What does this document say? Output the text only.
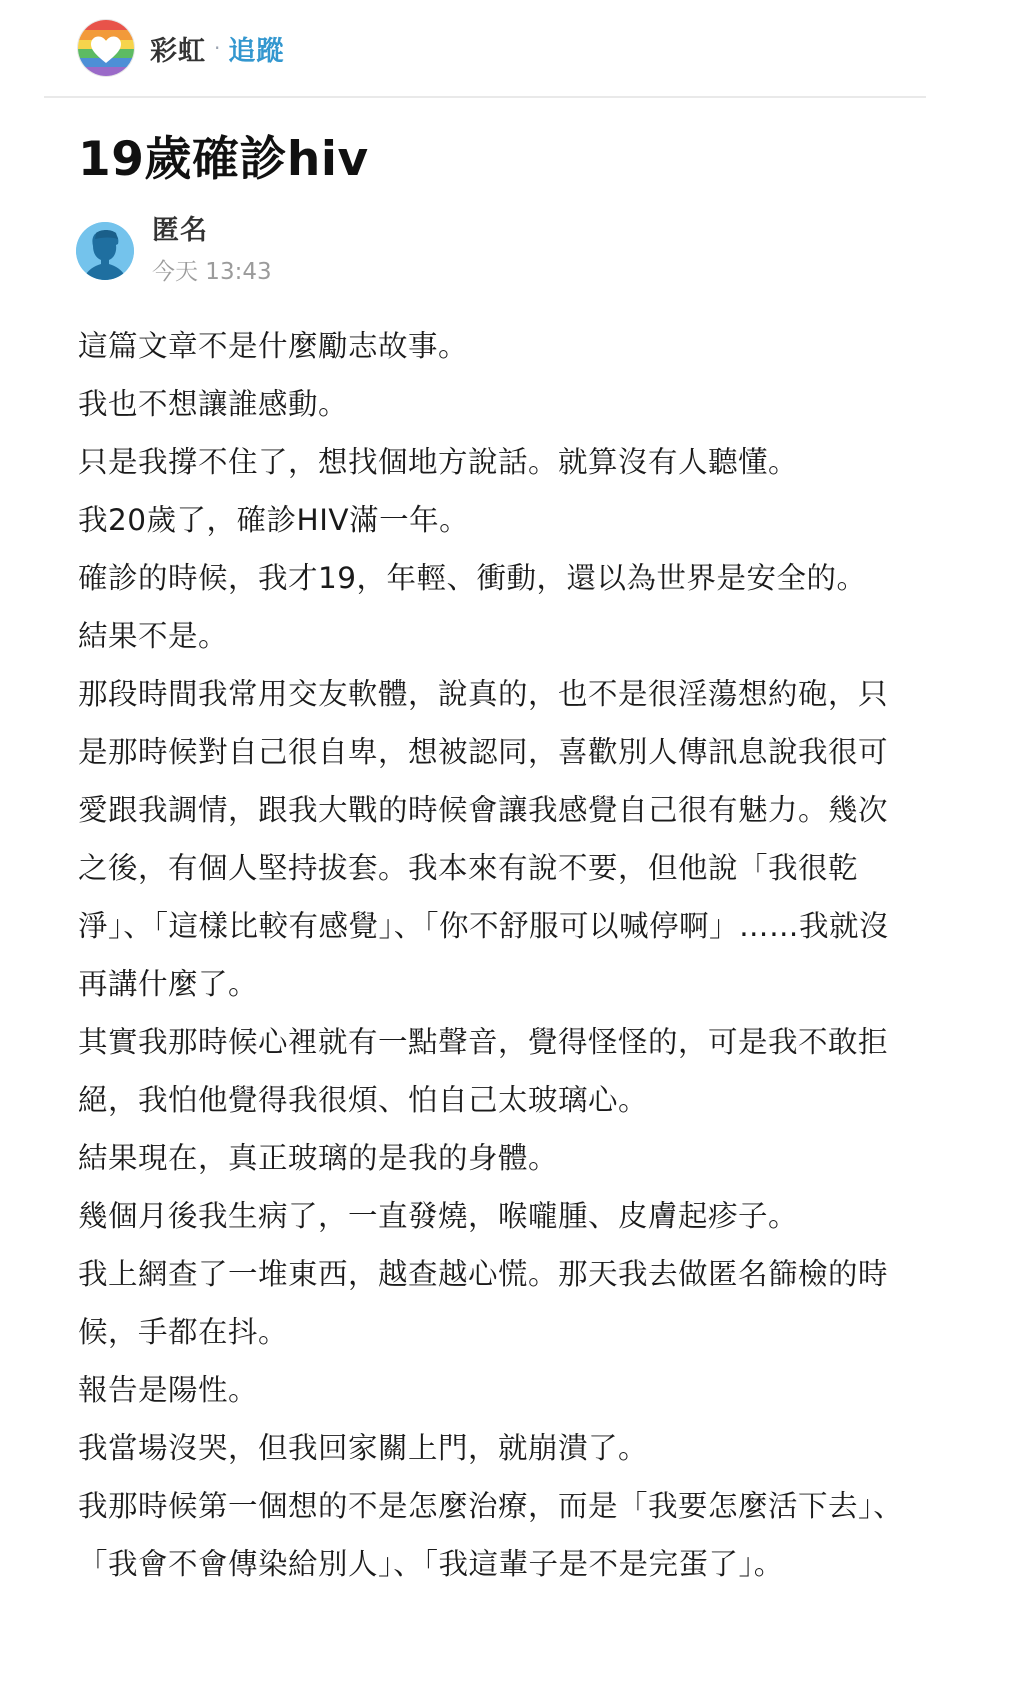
彩虹 · 追蹤
19歲確診hiv
匿名
今天 13:43

這篇文章不是什麼勵志故事。

我也不想讓誰感動。

只是我撐不住了，想找個地方說話。就算沒有人聽懂。

我20歲了，確診HIV滿一年。

確診的時候，我才19，年輕、衝動，還以為世界是安全的。

結果不是。

那段時間我常用交友軟體，說真的，也不是很淫蕩想約砲，只是那時候對自己很自卑，想被認同，喜歡別人傳訊息說我很可愛跟我調情，跟我大戰的時候會讓我感覺自己很有魅力。幾次之後，有個人堅持拔套。我本來有說不要，但他說「我很乾淨」、「這樣比較有感覺」、「你不舒服可以喊停啊」……我就沒再講什麼了。

其實我那時候心裡就有一點聲音，覺得怪怪的，可是我不敢拒絕，我怕他覺得我很煩、怕自己太玻璃心。

結果現在，真正玻璃的是我的身體。

幾個月後我生病了，一直發燒，喉嚨腫、皮膚起疹子。

我上網查了一堆東西，越查越心慌。那天我去做匿名篩檢的時候，手都在抖。

報告是陽性。

我當場沒哭，但我回家關上門，就崩潰了。

我那時候第一個想的不是怎麼治療，而是「我要怎麼活下去」、「我會不會傳染給別人」、「我這輩子是不是完蛋了」。
